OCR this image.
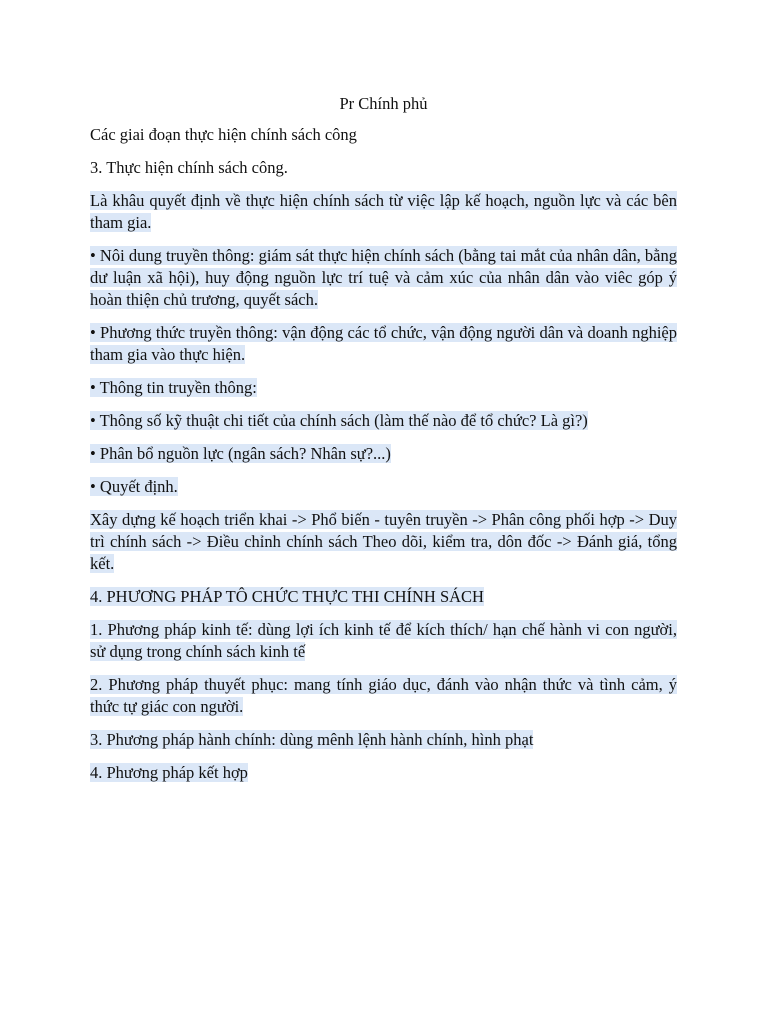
Pr Chính phủ
Các giai đoạn thực hiện chính sách công
3. Thực hiện chính sách công.
Là khâu quyết định về thực hiện chính sách từ việc lập kế hoạch, nguồn lực và các bên tham gia.
• Nôi dung truyền thông: giám sát thực hiện chính sách (bằng tai mắt của nhân dân, bằng dư luận xã hội), huy động nguồn lực trí tuệ và cảm xúc của nhân dân vào viêc góp ý hoàn thiện chủ trương, quyết sách.
• Phương thức truyền thông: vận động các tổ chức, vận động người dân và doanh nghiệp tham gia vào thực hiện.
• Thông tin truyền thông:
• Thông số kỹ thuật chi tiết của chính sách (làm thế nào để tổ chức? Là gì?)
• Phân bổ nguồn lực (ngân sách? Nhân sự?...)
• Quyết định.
Xây dựng kế hoạch triển khai -> Phổ biến - tuyên truyền -> Phân công phối hợp -> Duy trì chính sách -> Điều chỉnh chính sách Theo dõi, kiểm tra, dôn đốc -> Đánh giá, tổng kết.
4. PHƯƠNG PHÁP TÔ CHỨC THỰC THI CHÍNH SÁCH
1. Phương pháp kinh tế: dùng lợi ích kinh tế để kích thích/ hạn chế hành vi con người, sử dụng trong chính sách kinh tế
2. Phương pháp thuyết phục: mang tính giáo dục, đánh vào nhận thức và tình cảm, ý thức tự giác con người.
3. Phương pháp hành chính: dùng mênh lệnh hành chính, hình phạt
4. Phương pháp kết hợp
